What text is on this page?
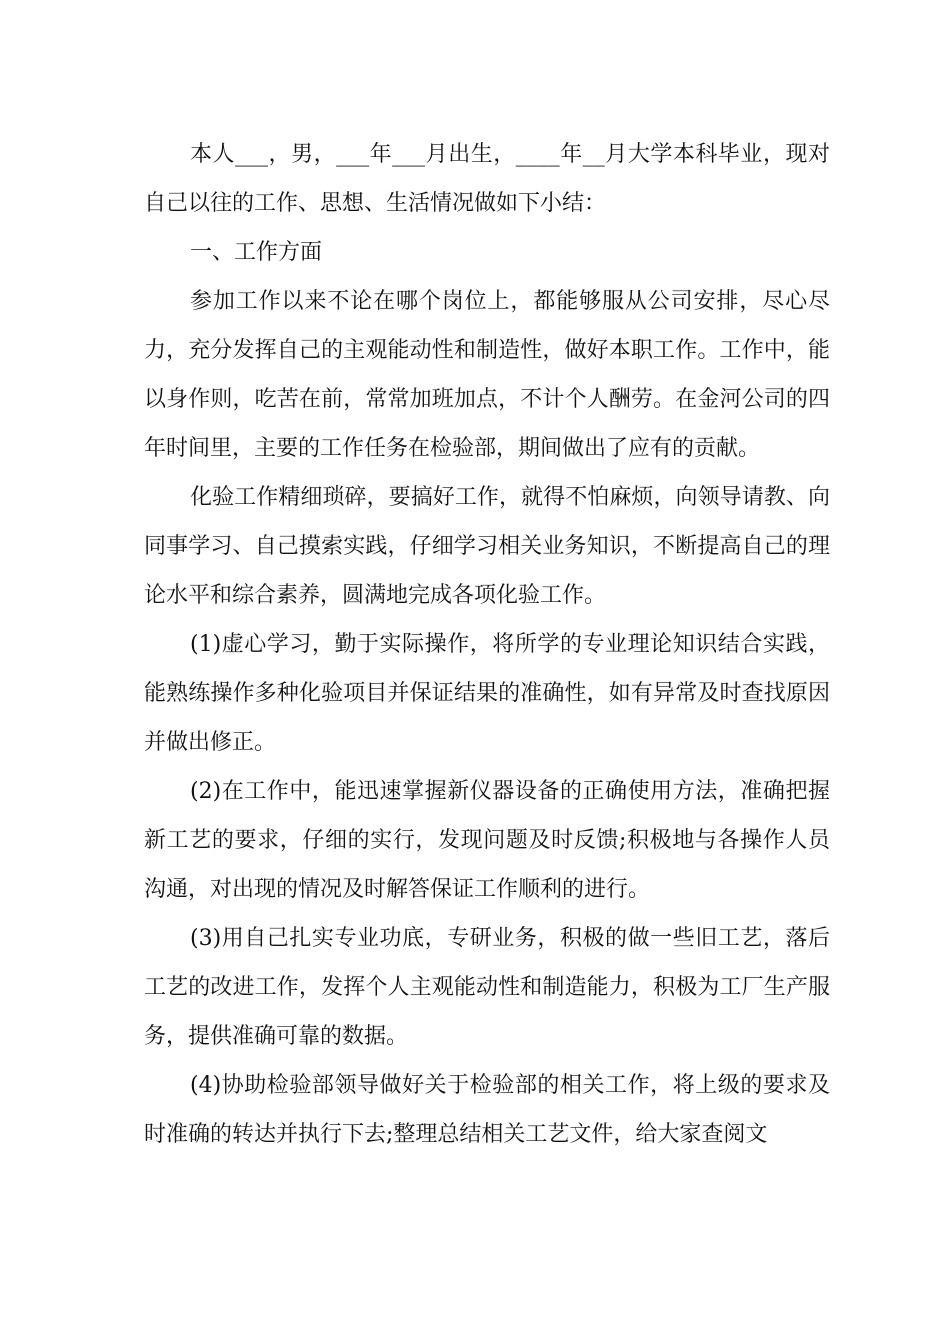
本人___，男，___年___月出生，____年__月大学本科毕业，现对自己以往的工作、思想、生活情况做如下小结：

一、工作方面

参加工作以来不论在哪个岗位上，都能够服从公司安排，尽心尽力，充分发挥自己的主观能动性和制造性，做好本职工作。工作中，能以身作则，吃苦在前，常常加班加点，不计个人酬劳。在金河公司的四年时间里，主要的工作任务在检验部，期间做出了应有的贡献。

化验工作精细琐碎，要搞好工作，就得不怕麻烦，向领导请教、向同事学习、自己摸索实践，仔细学习相关业务知识，不断提高自己的理论水平和综合素养，圆满地完成各项化验工作。

(1)虚心学习，勤于实际操作，将所学的专业理论知识结合实践，能熟练操作多种化验项目并保证结果的准确性，如有异常及时查找原因并做出修正。

(2)在工作中，能迅速掌握新仪器设备的正确使用方法，准确把握新工艺的要求，仔细的实行，发现问题及时反馈;积极地与各操作人员沟通，对出现的情况及时解答保证工作顺利的进行。

(3)用自己扎实专业功底，专研业务，积极的做一些旧工艺，落后工艺的改进工作，发挥个人主观能动性和制造能力，积极为工厂生产服务，提供准确可靠的数据。

(4)协助检验部领导做好关于检验部的相关工作，将上级的要求及时准确的转达并执行下去;整理总结相关工艺文件，给大家查阅文
